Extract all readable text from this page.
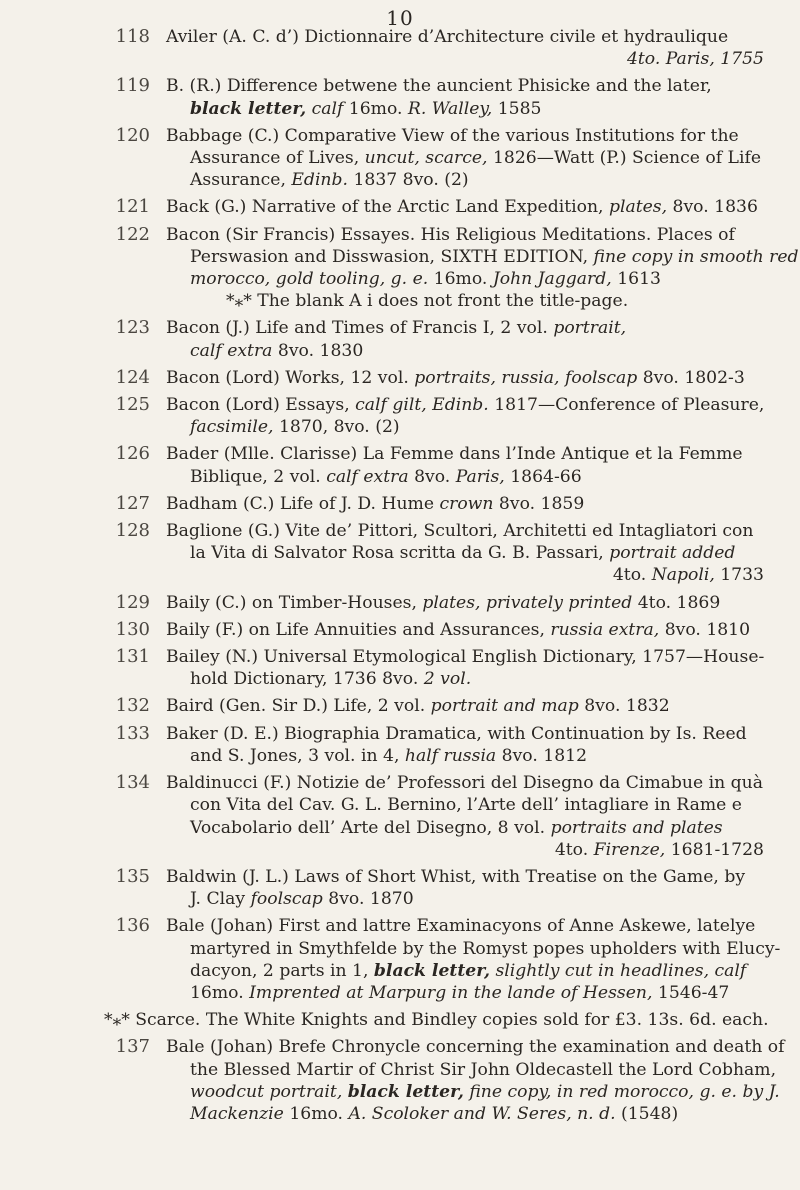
10
118 Aviler (A. C. d’) Dictionnaire d’Architecture civile et hydraulique
4to. Paris, 1755
119 B. (R.) Difference betwene the auncient Phisicke and the later,
black letter, calf 16mo. R. Walley, 1585
120 Babbage (C.) Comparative View of the various Institutions for the
Assurance of Lives, uncut, scarce, 1826—Watt (P.) Science of Life
Assurance, Edinb. 1837 8vo. (2)
121 Back (G.) Narrative of the Arctic Land Expedition, plates, 8vo. 1836
122 Bacon (Sir Francis) Essayes. His Religious Meditations. Places of
Perswasion and Disswasion, SIXTH EDITION, fine copy in smooth red
morocco, gold tooling, g. e. 16mo. John Jaggard, 1613
*⁎* The blank A i does not front the title-page.
123 Bacon (J.) Life and Times of Francis I, 2 vol. portrait,
calf extra 8vo. 1830
124 Bacon (Lord) Works, 12 vol. portraits, russia, foolscap 8vo. 1802-3
125 Bacon (Lord) Essays, calf gilt, Edinb. 1817—Conference of Pleasure,
facsimile, 1870, 8vo. (2)
126 Bader (Mlle. Clarisse) La Femme dans l’Inde Antique et la Femme
Biblique, 2 vol. calf extra 8vo. Paris, 1864-66
127 Badham (C.) Life of J. D. Hume crown 8vo. 1859
128 Baglione (G.) Vite de’ Pittori, Scultori, Architetti ed Intagliatori con
la Vita di Salvator Rosa scritta da G. B. Passari, portrait added
4to. Napoli, 1733
129 Baily (C.) on Timber-Houses, plates, privately printed 4to. 1869
130 Baily (F.) on Life Annuities and Assurances, russia extra, 8vo. 1810
131 Bailey (N.) Universal Etymological English Dictionary, 1757—House-
hold Dictionary, 1736 8vo. 2 vol.
132 Baird (Gen. Sir D.) Life, 2 vol. portrait and map 8vo. 1832
133 Baker (D. E.) Biographia Dramatica, with Continuation by Is. Reed
and S. Jones, 3 vol. in 4, half russia 8vo. 1812
134 Baldinucci (F.) Notizie de’ Professori del Disegno da Cimabue in quà
con Vita del Cav. G. L. Bernino, l’Arte dell’ intagliare in Rame e
Vocabolario dell’ Arte del Disegno, 8 vol. portraits and plates
4to. Firenze, 1681-1728
135 Baldwin (J. L.) Laws of Short Whist, with Treatise on the Game, by
J. Clay foolscap 8vo. 1870
136 Bale (Johan) First and lattre Examinacyons of Anne Askewe, latelye
martyred in Smythfelde by the Romyst popes upholders with Elucy-
dacyon, 2 parts in 1, black letter, slightly cut in headlines, calf
16mo. Imprented at Marpurg in the lande of Hessen, 1546-47
*⁎* Scarce. The White Knights and Bindley copies sold for £3. 13s. 6d. each.
137 Bale (Johan) Brefe Chronycle concerning the examination and death of
the Blessed Martir of Christ Sir John Oldecastell the Lord Cobham,
woodcut portrait, black letter, fine copy, in red morocco, g. e. by J.
Mackenzie 16mo. A. Scoloker and W. Seres, n. d. (1548)
